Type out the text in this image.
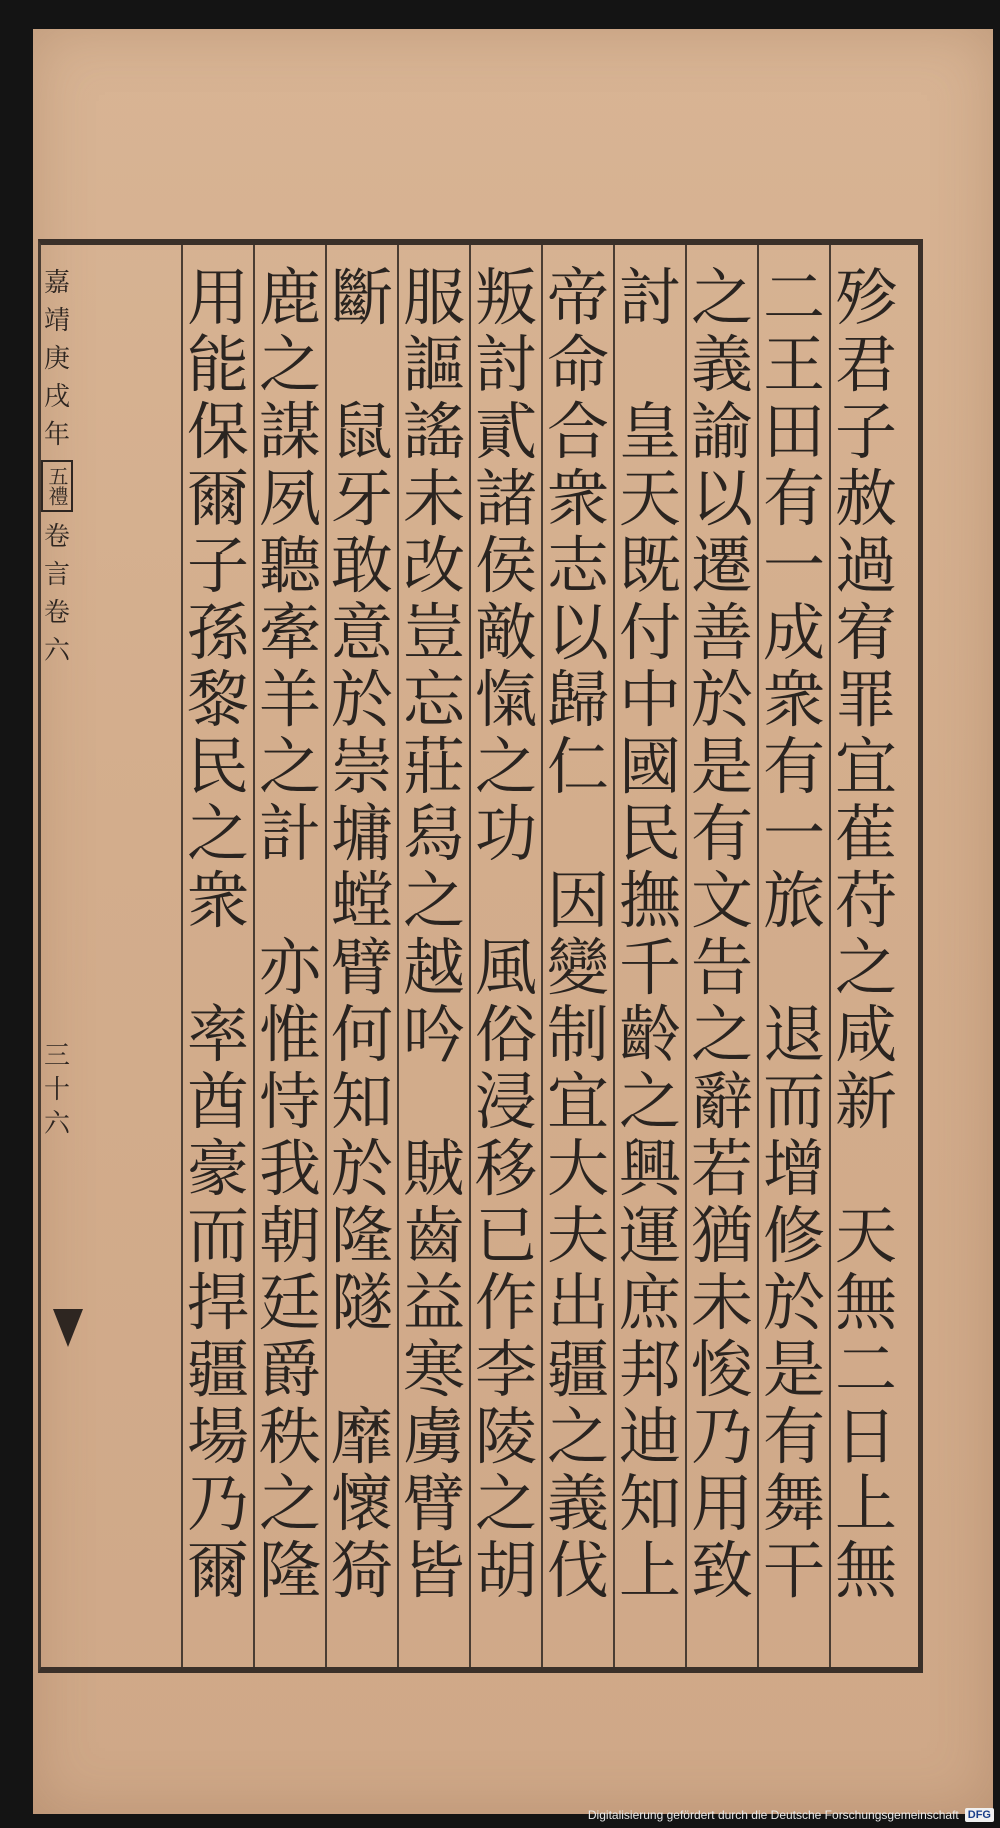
嘉
靖
庚
戌
年
五禮
卷
言
卷
六
三
十
六
殄
君
子
赦
過
宥
罪
宜
萑
苻
之
咸
新
天
無
二
日
上
無
二
王
田
有
一
成
衆
有
一
旅
退
而
增
修
於
是
有
舞
干
之
義
諭
以
遷
善
於
是
有
文
告
之
辭
若
猶
未
悛
乃
用
致
討
皇
天
既
付
中
國
民
撫
千
齡
之
興
運
庶
邦
迪
知
上
帝
命
合
衆
志
以
歸
仁
因
變
制
宜
大
夫
出
疆
之
義
伐
叛
討
貳
諸
侯
敵
愾
之
功
風
俗
浸
移
已
作
李
陵
之
胡
服
謳
謠
未
改
豈
忘
莊
舄
之
越
吟
賊
齒
益
寒
虜
臂
皆
斷
鼠
牙
敢
意
於
崇
墉
螳
臂
何
知
於
隆
隧
靡
懷
猗
鹿
之
謀
夙
聽
牽
羊
之
計
亦
惟
恃
我
朝
廷
爵
秩
之
隆
用
能
保
爾
子
孫
黎
民
之
衆
率
酋
豪
而
捍
疆
場
乃
爾
Digitalisierung gefördert durch die Deutsche Forschungsgemeinschaft DFG
